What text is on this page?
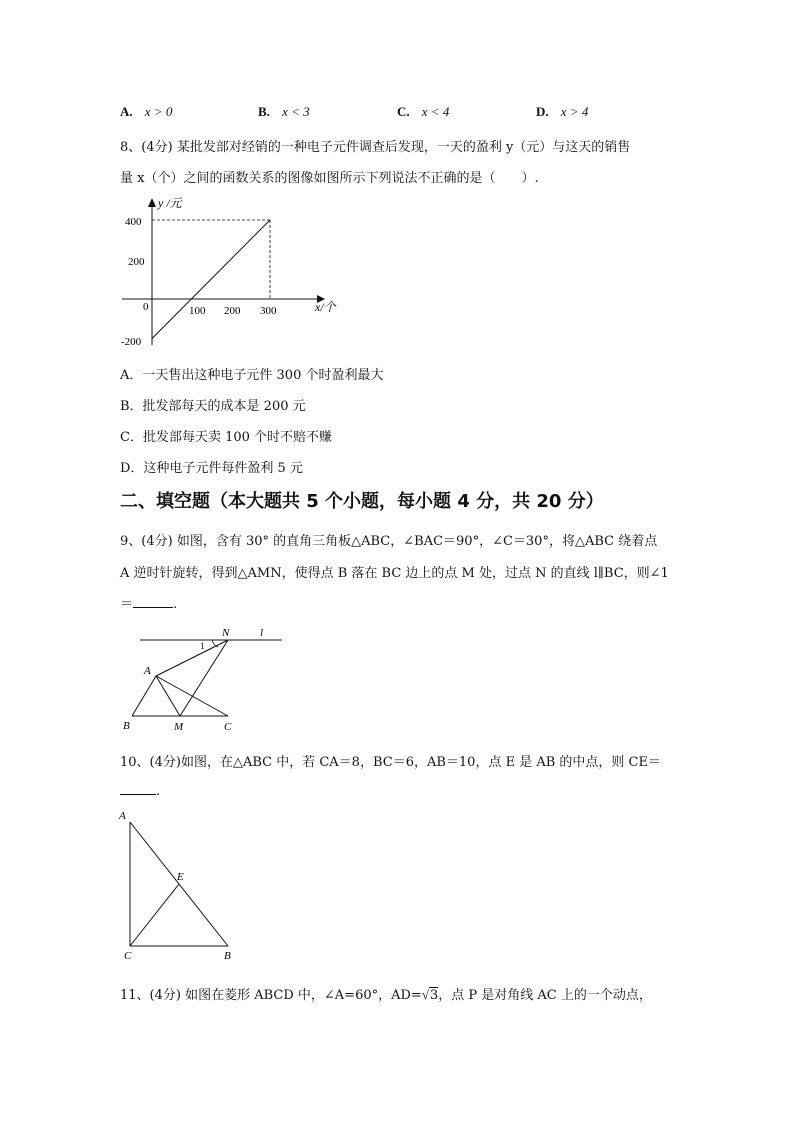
A. x > 0	B. x < 3	C. x < 4	D. x > 4
8、(4分) 某批发部对经销的一种电子元件调查后发现，一天的盈利 y（元）与这天的销售
量 x（个）之间的函数关系的图像如图所示下列说法不正确的是（　　）.
y /元
x/个
0
400
200
-200
100 200 300
A．一天售出这种电子元件 300 个时盈利最大
B．批发部每天的成本是 200 元
C．批发部每天卖 100 个时不赔不赚
D．这种电子元件每件盈利 5 元
二、填空题（本大题共 5 个小题，每小题 4 分，共 20 分）
9、(4分) 如图，含有 30° 的直角三角板△ABC，∠BAC＝90°，∠C＝30°，将△ABC 绕着点
A 逆时针旋转，得到△AMN，使得点 B 落在 BC 边上的点 M 处，过点 N 的直线 l∥BC，则∠1
＝	.
N	l
1
A
B	M	C
10、(4分)如图，在△ABC 中，若 CA＝8，BC＝6，AB＝10，点 E 是 AB 的中点，则 CE＝
.
A
E
C	B
11、(4分) 如图在菱形 ABCD 中，∠A=60°，AD=√3，点 P 是对角线 AC 上的一个动点，
